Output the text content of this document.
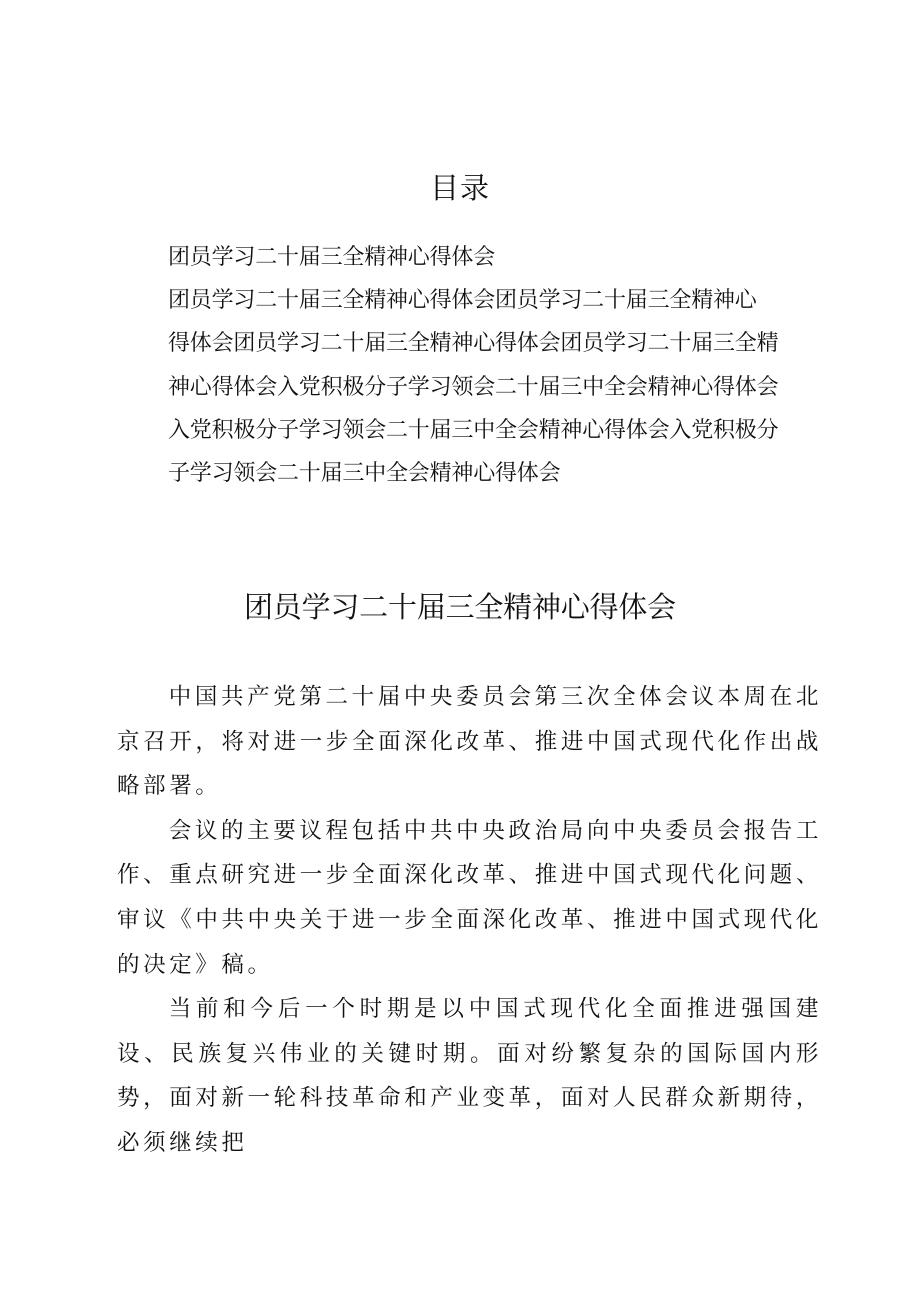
目录
团员学习二十届三全精神心得体会
团员学习二十届三全精神心得体会团员学习二十届三全精神心
得体会团员学习二十届三全精神心得体会团员学习二十届三全精
神心得体会入党积极分子学习领会二十届三中全会精神心得体会
入党积极分子学习领会二十届三中全会精神心得体会入党积极分
子学习领会二十届三中全会精神心得体会
团员学习二十届三全精神心得体会

中国共产党第二十届中央委员会第三次全体会议本周在北京召开，将对进一步全面深化改革、推进中国式现代化作出战略部署。

会议的主要议程包括中共中央政治局向中央委员会报告工作、重点研究进一步全面深化改革、推进中国式现代化问题、审议《中共中央关于进一步全面深化改革、推进中国式现代化的决定》稿。

当前和今后一个时期是以中国式现代化全面推进强国建设、民族复兴伟业的关键时期。面对纷繁复杂的国际国内形势，面对新一轮科技革命和产业变革，面对人民群众新期待，必须继续把
